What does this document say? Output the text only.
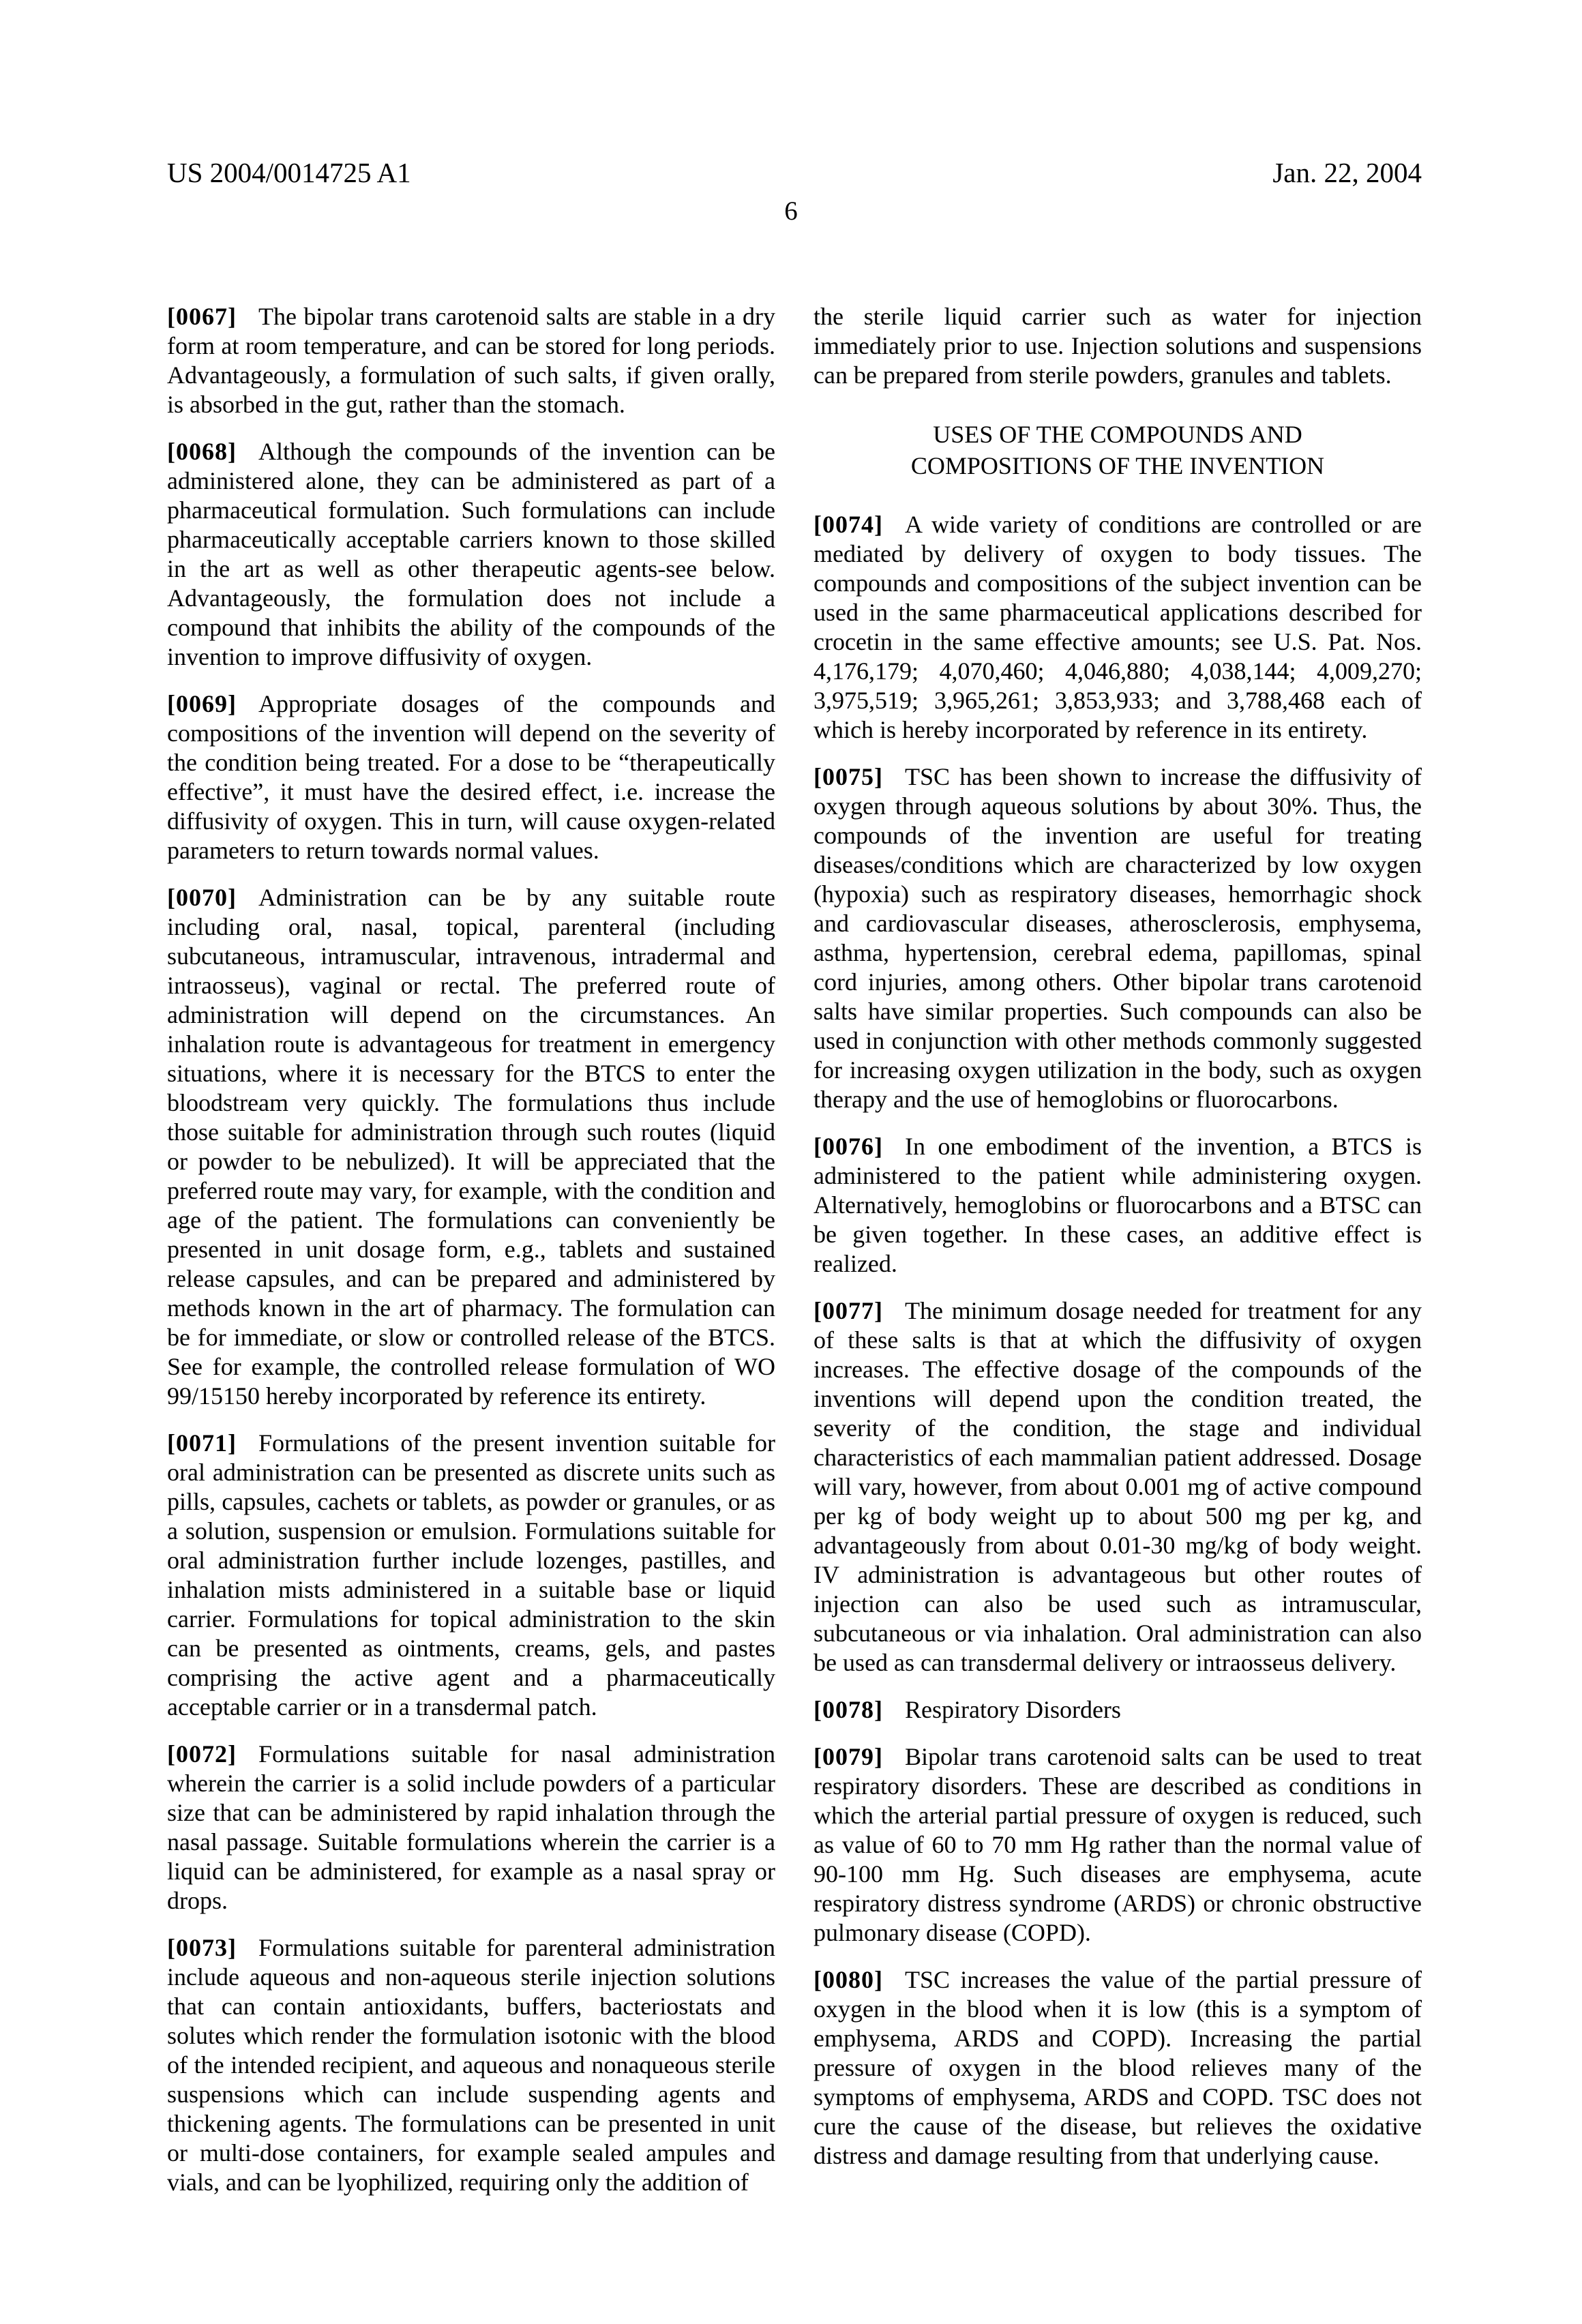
US 2004/0014725 A1	Jan. 22, 2004
6

[0067] The bipolar trans carotenoid salts are stable in a dry form at room temperature, and can be stored for long periods. Advantageously, a formulation of such salts, if given orally, is absorbed in the gut, rather than the stomach.

[0068] Although the compounds of the invention can be administered alone, they can be administered as part of a pharmaceutical formulation. Such formulations can include pharmaceutically acceptable carriers known to those skilled in the art as well as other therapeutic agents-see below. Advantageously, the formulation does not include a compound that inhibits the ability of the compounds of the invention to improve diffusivity of oxygen.

[0069] Appropriate dosages of the compounds and compositions of the invention will depend on the severity of the condition being treated. For a dose to be “therapeutically effective”, it must have the desired effect, i.e. increase the diffusivity of oxygen. This in turn, will cause oxygen-related parameters to return towards normal values.

[0070] Administration can be by any suitable route including oral, nasal, topical, parenteral (including subcutaneous, intramuscular, intravenous, intradermal and intraosseus), vaginal or rectal. The preferred route of administration will depend on the circumstances. An inhalation route is advantageous for treatment in emergency situations, where it is necessary for the BTCS to enter the bloodstream very quickly. The formulations thus include those suitable for administration through such routes (liquid or powder to be nebulized). It will be appreciated that the preferred route may vary, for example, with the condition and age of the patient. The formulations can conveniently be presented in unit dosage form, e.g., tablets and sustained release capsules, and can be prepared and administered by methods known in the art of pharmacy. The formulation can be for immediate, or slow or controlled release of the BTCS. See for example, the controlled release formulation of WO 99/15150 hereby incorporated by reference its entirety.

[0071] Formulations of the present invention suitable for oral administration can be presented as discrete units such as pills, capsules, cachets or tablets, as powder or granules, or as a solution, suspension or emulsion. Formulations suitable for oral administration further include lozenges, pastilles, and inhalation mists administered in a suitable base or liquid carrier. Formulations for topical administration to the skin can be presented as ointments, creams, gels, and pastes comprising the active agent and a pharmaceutically acceptable carrier or in a transdermal patch.

[0072] Formulations suitable for nasal administration wherein the carrier is a solid include powders of a particular size that can be administered by rapid inhalation through the nasal passage. Suitable formulations wherein the carrier is a liquid can be administered, for example as a nasal spray or drops.

[0073] Formulations suitable for parenteral administration include aqueous and non-aqueous sterile injection solutions that can contain antioxidants, buffers, bacteriostats and solutes which render the formulation isotonic with the blood of the intended recipient, and aqueous and nonaqueous sterile suspensions which can include suspending agents and thickening agents. The formulations can be presented in unit or multi-dose containers, for example sealed ampules and vials, and can be lyophilized, requiring only the addition of

the sterile liquid carrier such as water for injection immediately prior to use. Injection solutions and suspensions can be prepared from sterile powders, granules and tablets.

USES OF THE COMPOUNDS AND
COMPOSITIONS OF THE INVENTION

[0074] A wide variety of conditions are controlled or are mediated by delivery of oxygen to body tissues. The compounds and compositions of the subject invention can be used in the same pharmaceutical applications described for crocetin in the same effective amounts; see U.S. Pat. Nos. 4,176,179; 4,070,460; 4,046,880; 4,038,144; 4,009,270; 3,975,519; 3,965,261; 3,853,933; and 3,788,468 each of which is hereby incorporated by reference in its entirety.

[0075] TSC has been shown to increase the diffusivity of oxygen through aqueous solutions by about 30%. Thus, the compounds of the invention are useful for treating diseases/conditions which are characterized by low oxygen (hypoxia) such as respiratory diseases, hemorrhagic shock and cardiovascular diseases, atherosclerosis, emphysema, asthma, hypertension, cerebral edema, papillomas, spinal cord injuries, among others. Other bipolar trans carotenoid salts have similar properties. Such compounds can also be used in conjunction with other methods commonly suggested for increasing oxygen utilization in the body, such as oxygen therapy and the use of hemoglobins or fluorocarbons.

[0076] In one embodiment of the invention, a BTCS is administered to the patient while administering oxygen. Alternatively, hemoglobins or fluorocarbons and a BTSC can be given together. In these cases, an additive effect is realized.

[0077] The minimum dosage needed for treatment for any of these salts is that at which the diffusivity of oxygen increases. The effective dosage of the compounds of the inventions will depend upon the condition treated, the severity of the condition, the stage and individual characteristics of each mammalian patient addressed. Dosage will vary, however, from about 0.001 mg of active compound per kg of body weight up to about 500 mg per kg, and advantageously from about 0.01-30 mg/kg of body weight. IV administration is advantageous but other routes of injection can also be used such as intramuscular, subcutaneous or via inhalation. Oral administration can also be used as can transdermal delivery or intraosseus delivery.

[0078] Respiratory Disorders

[0079] Bipolar trans carotenoid salts can be used to treat respiratory disorders. These are described as conditions in which the arterial partial pressure of oxygen is reduced, such as value of 60 to 70 mm Hg rather than the normal value of 90-100 mm Hg. Such diseases are emphysema, acute respiratory distress syndrome (ARDS) or chronic obstructive pulmonary disease (COPD).

[0080] TSC increases the value of the partial pressure of oxygen in the blood when it is low (this is a symptom of emphysema, ARDS and COPD). Increasing the partial pressure of oxygen in the blood relieves many of the symptoms of emphysema, ARDS and COPD. TSC does not cure the cause of the disease, but relieves the oxidative distress and damage resulting from that underlying cause.
